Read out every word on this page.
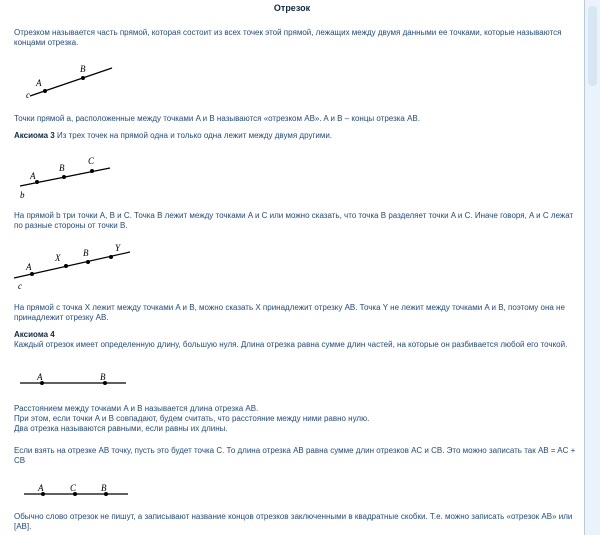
Отрезок
Отрезком называется часть прямой, которая состоит из всех точек этой прямой, лежащих между двумя данными ее точками, которые называются концами отрезка.
A
B
c
Точки прямой a, расположенные между точками A и B называются «отрезком AB». A и B – концы отрезка AB.
Аксиома 3 Из трех точек на прямой одна и только одна лежит между двумя другими.
A
B
C
b
На прямой b три точки A, B и C. Точка B лежит между точками A и C или можно сказать, что точка B разделяет точки A и C. Иначе говоря, A и C лежат по разные стороны от точки B.
A
X	B	Y
c
На прямой c точка X лежит между точками A и B, можно сказать X принадлежит отрезку AB. Точка Y не лежит между точками A и B, поэтому она не принадлежит отрезку AB.
Аксиома 4
Каждый отрезок имеет определенную длину, большую нуля. Длина отрезка равна сумме длин частей, на которые он разбивается любой его точкой.
A	B
Расстоянием между точками A и B называется длина отрезка AB.
При этом, если точки A и B совпадают, будем считать, что расстояние между ними равно нулю.
Два отрезка называются равными, если равны их длины.
Если взять на отрезке AB точку, пусть это будет точка C. То длина отрезка AB равна сумме длин отрезков AC и CB. Это можно записать так AB = AC + CB
A	C	B
Обычно слово отрезок не пишут, а записывают название концов отрезков заключенными в квадратные скобки. Т.е. можно записать «отрезок AB» или [AB].
